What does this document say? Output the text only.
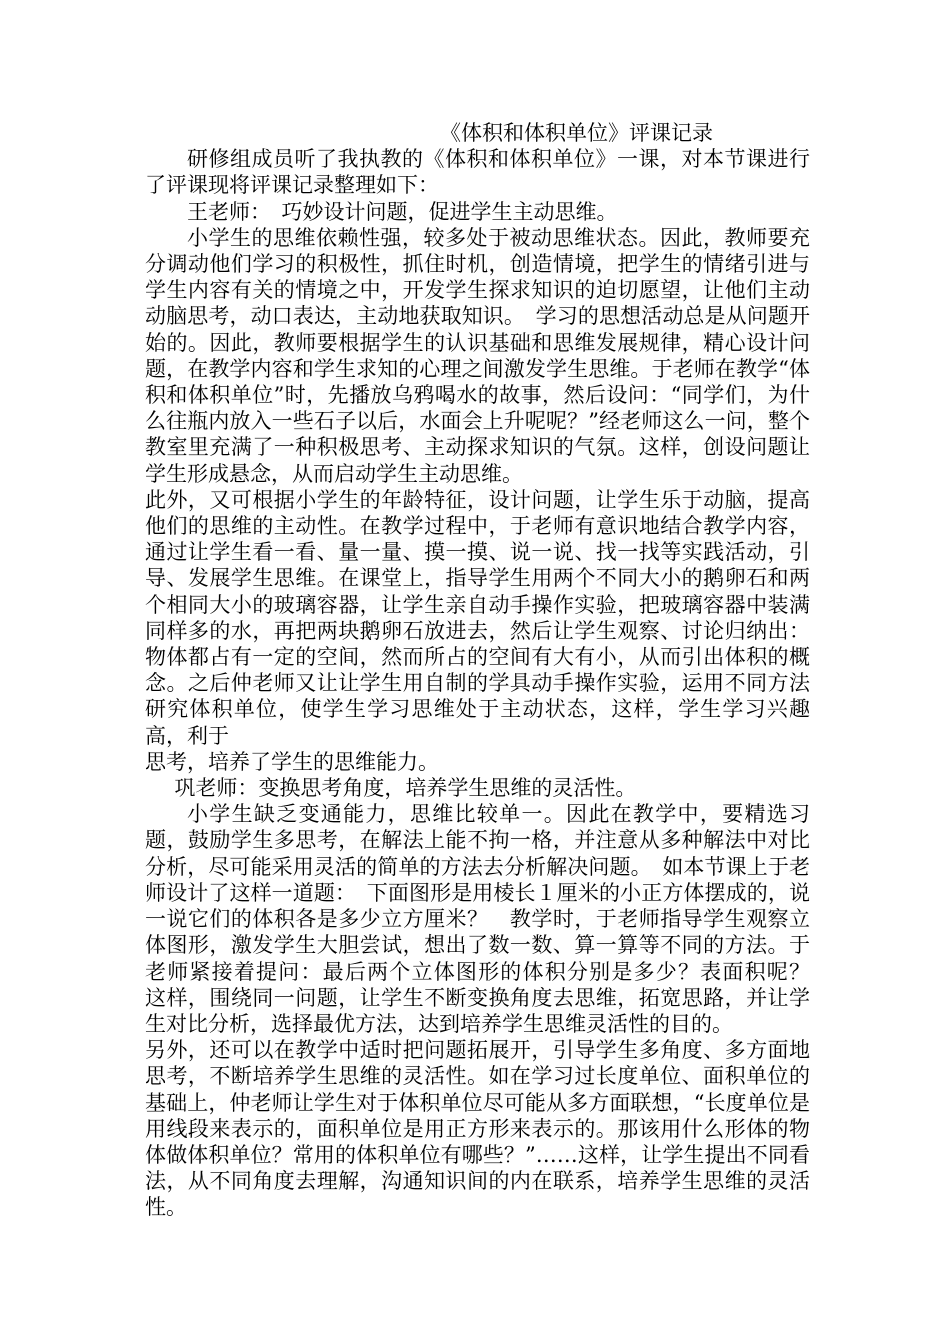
《体积和体积单位》评课记录

研修组成员听了我执教的《体积和体积单位》一课，对本节课进行了评课现将评课记录整理如下：

王老师：　巧妙设计问题，促进学生主动思维。

小学生的思维依赖性强，较多处于被动思维状态。因此，教师要充分调动他们学习的积极性，抓住时机，创造情境，把学生的情绪引进与学生内容有关的情境之中，开发学生探求知识的迫切愿望，让他们主动动脑思考，动口表达，主动地获取知识。　学习的思想活动总是从问题开始的。因此，教师要根据学生的认识基础和思维发展规律，精心设计问题，在教学内容和学生求知的心理之间激发学生思维。于老师在教学“体积和体积单位”时，先播放乌鸦喝水的故事，然后设问：“同学们，为什么往瓶内放入一些石子以后，水面会上升呢呢？”经老师这么一问，整个教室里充满了一种积极思考、主动探求知识的气氛。这样，创设问题让学生形成悬念，从而启动学生主动思维。

此外，又可根据小学生的年龄特征，设计问题，让学生乐于动脑，提高他们的思维的主动性。在教学过程中，于老师有意识地结合教学内容，通过让学生看一看、量一量、摸一摸、说一说、找一找等实践活动，引导、发展学生思维。在课堂上，指导学生用两个不同大小的鹅卵石和两个相同大小的玻璃容器，让学生亲自动手操作实验，把玻璃容器中装满同样多的水，再把两块鹅卵石放进去，然后让学生观察、讨论归纳出：物体都占有一定的空间，然而所占的空间有大有小，从而引出体积的概念。之后仲老师又让让学生用自制的学具动手操作实验，运用不同方法研究体积单位，使学生学习思维处于主动状态，这样，学生学习兴趣高，利于

思考，培养了学生的思维能力。

巩老师：变换思考角度，培养学生思维的灵活性。

小学生缺乏变通能力，思维比较单一。因此在教学中，要精选习题，鼓励学生多思考，在解法上能不拘一格，并注意从多种解法中对比分析，尽可能采用灵活的简单的方法去分析解决问题。　如本节课上于老师设计了这样一道题：　下面图形是用棱长１厘米的小正方体摆成的，说一说它们的体积各是多少立方厘米？　教学时，于老师指导学生观察立体图形，激发学生大胆尝试，想出了数一数、算一算等不同的方法。于老师紧接着提问：最后两个立体图形的体积分别是多少？表面积呢？　这样，围绕同一问题，让学生不断变换角度去思维，拓宽思路，并让学生对比分析，选择最优方法，达到培养学生思维灵活性的目的。

另外，还可以在教学中适时把问题拓展开，引导学生多角度、多方面地思考，不断培养学生思维的灵活性。如在学习过长度单位、面积单位的基础上，仲老师让学生对于体积单位尽可能从多方面联想，“长度单位是用线段来表示的，面积单位是用正方形来表示的。那该用什么形体的物体做体积单位？常用的体积单位有哪些？”……这样，让学生提出不同看法，从不同角度去理解，沟通知识间的内在联系，培养学生思维的灵活性。
